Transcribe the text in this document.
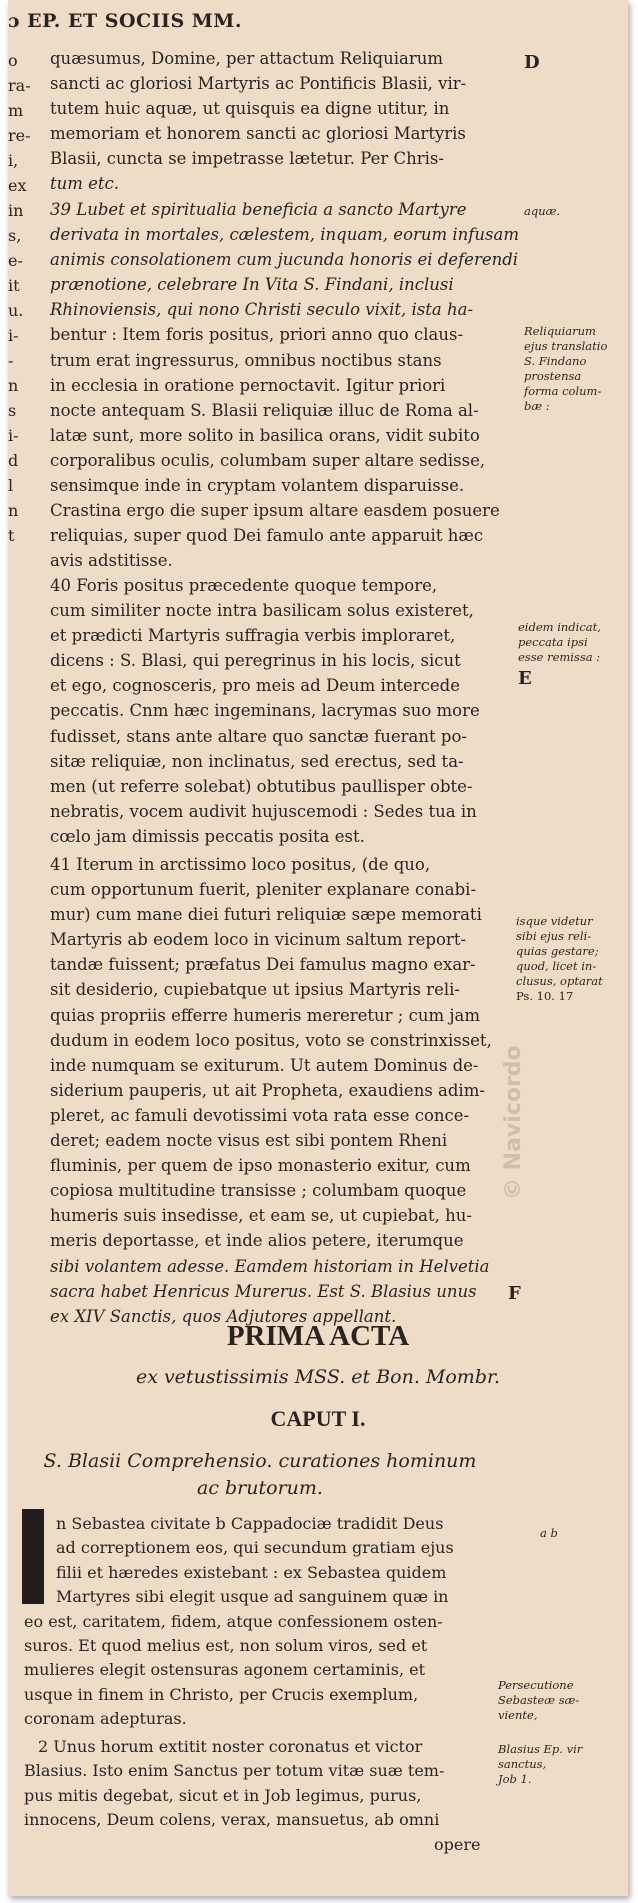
ɔ EP. ET SOCIIS MM.
D
o
ra-
m
re-
i,
ex
in
s,
e-
it
u.
i-
-
n
s
i-
d
l
n
t
quæsumus, Domine, per attactum Reliquiarum
sancti ac gloriosi Martyris ac Pontificis Blasii, vir-
tutem huic aquæ, ut quisquis ea digne utitur, in
memoriam et honorem sancti ac gloriosi Martyris
Blasii, cuncta se impetrasse lætetur. Per Chris-
tum etc.
39 Lubet et spiritualia beneficia a sancto Martyre
derivata in mortales, cælestem, inquam, eorum infusam
animis consolationem cum jucunda honoris ei deferendi
prænotione, celebrare In Vita S. Findani, inclusi
Rhinoviensis, qui nono Christi seculo vixit, ista ha-
bentur : Item foris positus, priori anno quo claus-
trum erat ingressurus, omnibus noctibus stans
in ecclesia in oratione pernoctavit. Igitur priori
nocte antequam S. Blasii reliquiæ illuc de Roma al-
latæ sunt, more solito in basilica orans, vidit subito
corporalibus oculis, columbam super altare sedisse,
sensimque inde in cryptam volantem disparuisse.
Crastina ergo die super ipsum altare easdem posuere
reliquias, super quod Dei famulo ante apparuit hæc
avis adstitisse.
aquæ.
Reliquiarum
ejus translatio
S. Findano
prostensa
forma colum-
bæ :
40 Foris positus præcedente quoque tempore,
cum similiter nocte intra basilicam solus existeret,
et prædicti Martyris suffragia verbis imploraret,
dicens : S. Blasi, qui peregrinus in his locis, sicut
et ego, cognosceris, pro meis ad Deum intercede
peccatis. Cnm hæc ingeminans, lacrymas suo more
fudisset, stans ante altare quo sanctæ fuerant po-
sitæ reliquiæ, non inclinatus, sed erectus, sed ta-
men (ut referre solebat) obtutibus paullisper obte-
nebratis, vocem audivit hujuscemodi : Sedes tua in
cœlo jam dimissis peccatis posita est.
eidem indicat,
peccata ipsi
esse remissa :
E
41 Iterum in arctissimo loco positus, (de quo,
cum opportunum fuerit, pleniter explanare conabi-
mur) cum mane diei futuri reliquiæ sæpe memorati
Martyris ab eodem loco in vicinum saltum report-
tandæ fuissent; præfatus Dei famulus magno exar-
sit desiderio, cupiebatque ut ipsius Martyris reli-
quias propriis efferre humeris mereretur ; cum jam
dudum in eodem loco positus, voto se constrinxisset,
inde numquam se exiturum. Ut autem Dominus de-
siderium pauperis, ut ait Propheta, exaudiens adim-
pleret, ac famuli devotissimi vota rata esse conce-
deret; eadem nocte visus est sibi pontem Rheni
fluminis, per quem de ipso monasterio exitur, cum
copiosa multitudine transisse ; columbam quoque
humeris suis insedisse, et eam se, ut cupiebat, hu-
meris deportasse, et inde alios petere, iterumque
sibi volantem adesse. Eamdem historiam in Helvetia
sacra habet Henricus Murerus. Est S. Blasius unus
ex XIV Sanctis, quos Adjutores appellant.
isque videtur
sibi ejus reli-
quias gestare;
quod, licet in-
clusus, optarat
Ps. 10. 17
© Navicordo
F
PRIMA ACTA
ex vetustissimis MSS. et Bon. Mombr.
CAPUT I.
S. Blasii Comprehensio. curationes hominum
ac brutorum.
n Sebastea civitate b Cappadociæ tradidit Deus
ad correptionem eos, qui secundum gratiam ejus
filii et hæredes existebant : ex Sebastea quidem
Martyres sibi elegit usque ad sanguinem quæ in
eo est, caritatem, fidem, atque confessionem osten-
suros. Et quod melius est, non solum viros, sed et
mulieres elegit ostensuras agonem certaminis, et
usque in finem in Christo, per Crucis exemplum,
coronam adepturas.
a b
Persecutione
Sebasteæ sæ-
viente,
2 Unus horum extitit noster coronatus et victor
Blasius. Isto enim Sanctus per totum vitæ suæ tem-
pus mitis degebat, sicut et in Job legimus, purus,
innocens, Deum colens, verax, mansuetus, ab omni
opere
Blasius Ep. vir
sanctus,
Job 1.
